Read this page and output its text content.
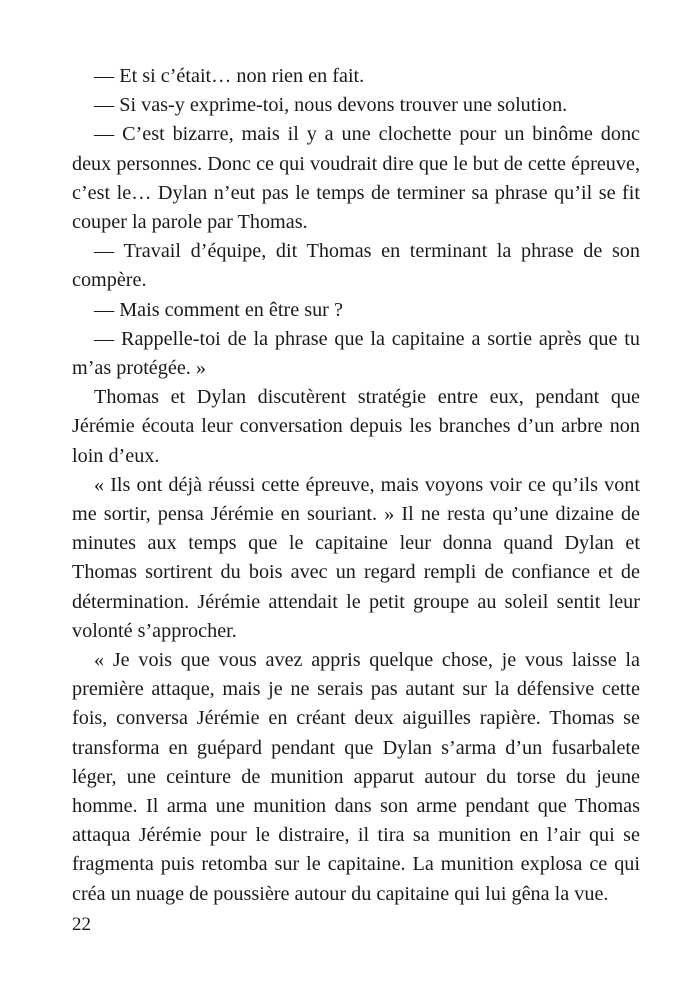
— Et si c’était… non rien en fait.

— Si vas-y exprime-toi, nous devons trouver une solution.

— C’est bizarre, mais il y a une clochette pour un binôme donc deux personnes. Donc ce qui voudrait dire que le but de cette épreuve, c’est le… Dylan n’eut pas le temps de terminer sa phrase qu’il se fit couper la parole par Thomas.

— Travail d’équipe, dit Thomas en terminant la phrase de son compère.

— Mais comment en être sur ?

— Rappelle-toi de la phrase que la capitaine a sortie après que tu m’as protégée. »

Thomas et Dylan discutèrent stratégie entre eux, pendant que Jérémie écouta leur conversation depuis les branches d’un arbre non loin d’eux.

« Ils ont déjà réussi cette épreuve, mais voyons voir ce qu’ils vont me sortir, pensa Jérémie en souriant. » Il ne resta qu’une dizaine de minutes aux temps que le capitaine leur donna quand Dylan et Thomas sortirent du bois avec un regard rempli de confiance et de détermination. Jérémie attendait le petit groupe au soleil sentit leur volonté s’approcher.

« Je vois que vous avez appris quelque chose, je vous laisse la première attaque, mais je ne serais pas autant sur la défensive cette fois, conversa Jérémie en créant deux aiguilles rapière. Thomas se transforma en guépard pendant que Dylan s’arma d’un fusarbalete léger, une ceinture de munition apparut autour du torse du jeune homme. Il arma une munition dans son arme pendant que Thomas attaqua Jérémie pour le distraire, il tira sa munition en l’air qui se fragmenta puis retomba sur le capitaine. La munition explosa ce qui créa un nuage de poussière autour du capitaine qui lui gêna la vue.

22
